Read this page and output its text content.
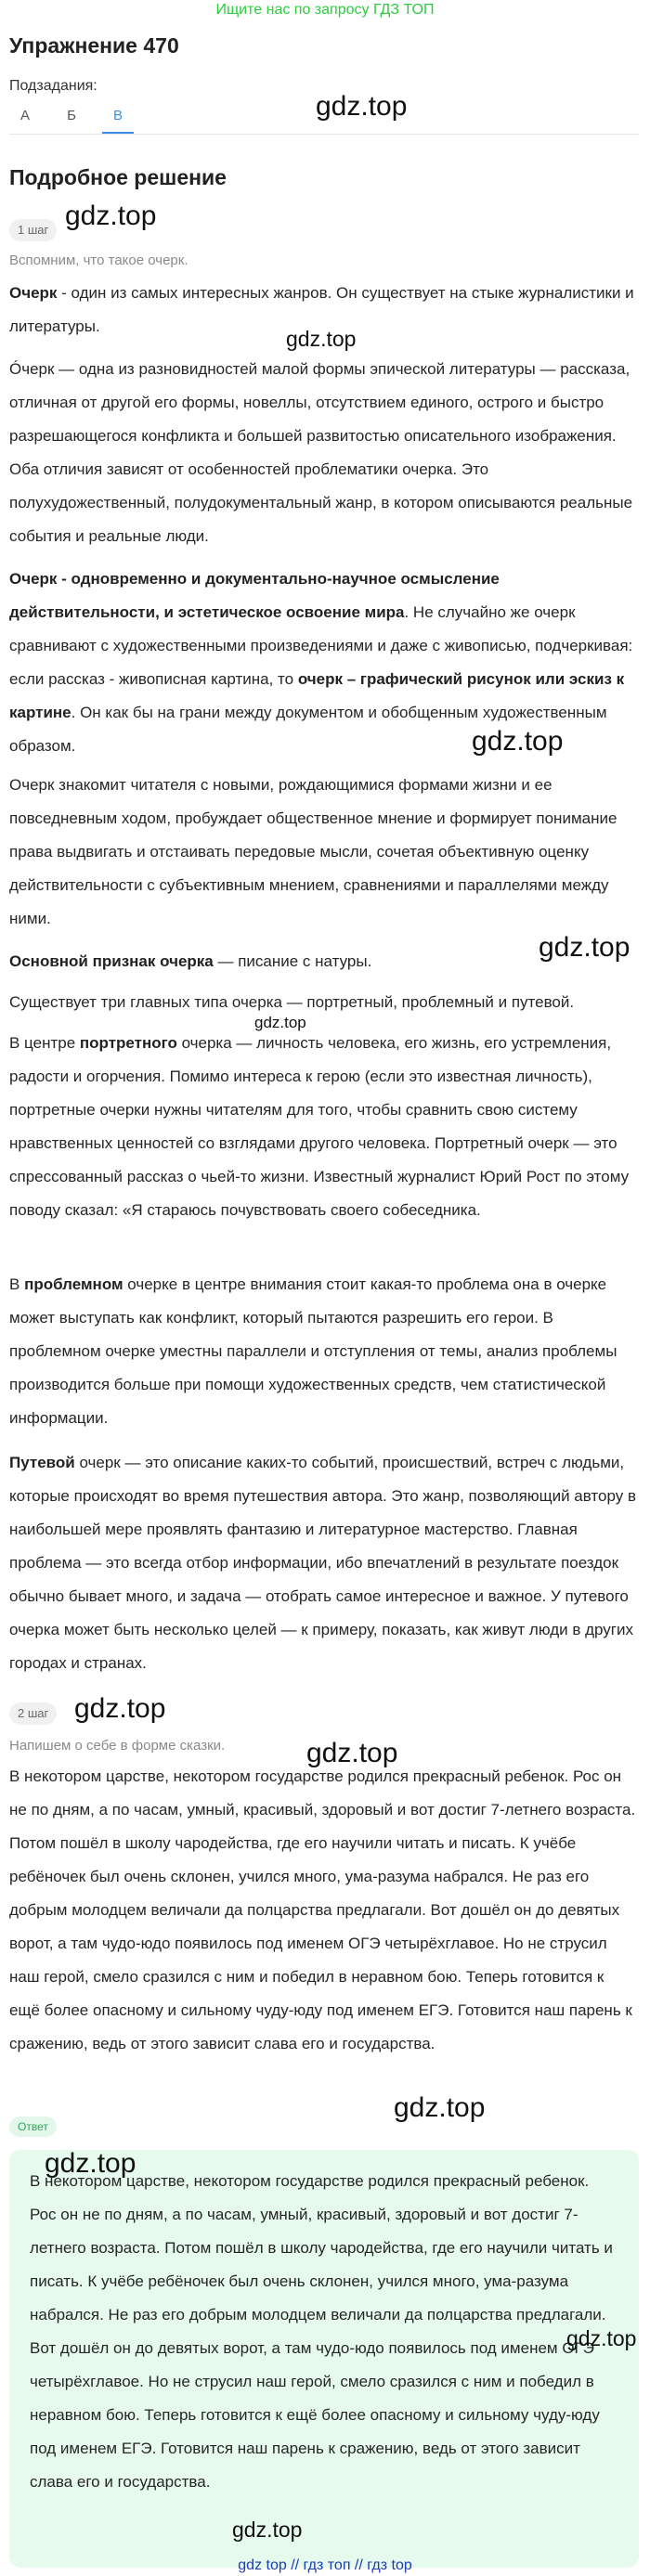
Ищите нас по запросу ГДЗ ТОП
Упражнение 470
Подзадания:
А	Б	В
Подробное решение
1 шаг
Вспомним, что такое очерк.

Очерк - один из самых интересных жанров. Он существует на стыке журналистики и литературы.

Óчерк — одна из разновидностей малой формы эпической литературы — рассказа, отличная от другой его формы, новеллы, отсутствием единого, острого и быстро разрешающегося конфликта и большей развитостью описательного изображения. Оба отличия зависят от особенностей проблематики очерка. Это полухудожественный, полудокументальный жанр, в котором описываются реальные события и реальные люди.

Очерк - одновременно и документально-научное осмысление действительности, и эстетическое освоение мира. Не случайно же очерк сравнивают с художественными произведениями и даже с живописью, подчеркивая: если рассказ - живописная картина, то очерк – графический рисунок или эскиз к картине. Он как бы на грани между документом и обобщенным художественным образом.

Очерк знакомит читателя с новыми, рождающимися формами жизни и ее повседневным ходом, пробуждает общественное мнение и формирует понимание права выдвигать и отстаивать передовые мысли, сочетая объективную оценку действительности с субъективным мнением, сравнениями и параллелями между ними.

Основной признак очерка — писание с натуры.

Существует три главных типа очерка — портретный, проблемный и путевой.

В центре портретного очерка — личность человека, его жизнь, его устремления, радости и огорчения. Помимо интереса к герою (если это известная личность), портретные очерки нужны читателям для того, чтобы сравнить свою систему нравственных ценностей со взглядами другого человека. Портретный очерк — это спрессованный рассказ о чьей-то жизни. Известный журналист Юрий Рост по этому поводу сказал: «Я стараюсь почувствовать своего собеседника.

В проблемном очерке в центре внимания стоит какая-то проблема она в очерке может выступать как конфликт, который пытаются разрешить его герои. В проблемном очерке уместны параллели и отступления от темы, анализ проблемы производится больше при помощи художественных средств, чем статистической информации.

Путевой очерк — это описание каких-то событий, происшествий, встреч с людьми, которые происходят во время путешествия автора. Это жанр, позволяющий автору в наибольшей мере проявлять фантазию и литературное мастерство. Главная проблема — это всегда отбор информации, ибо впечатлений в результате поездок обычно бывает много, и задача — отобрать самое интересное и важное. У путевого очерка может быть несколько целей — к примеру, показать, как живут люди в других городах и странах.

2 шаг
Напишем о себе в форме сказки.

В некотором царстве, некотором государстве родился прекрасный ребенок. Рос он не по дням, а по часам, умный, красивый, здоровый и вот достиг 7-летнего возраста. Потом пошёл в школу чародейства, где его научили читать и писать. К учёбе ребёночек был очень склонен, учился много, ума-разума набрался. Не раз его добрым молодцем величали да полцарства предлагали. Вот дошёл он до девятых ворот, а там чудо-юдо появилось под именем ОГЭ четырёхглавое. Но не струсил наш герой, смело сразился с ним и победил в неравном бою. Теперь готовится к ещё более опасному и сильному чуду-юду под именем ЕГЭ. Готовится наш парень к сражению, ведь от этого зависит слава его и государства.

Ответ

В некотором царстве, некотором государстве родился прекрасный ребенок. Рос он не по дням, а по часам, умный, красивый, здоровый и вот достиг 7-летнего возраста. Потом пошёл в школу чародейства, где его научили читать и писать. К учёбе ребёночек был очень склонен, учился много, ума-разума набрался. Не раз его добрым молодцем величали да полцарства предлагали. Вот дошёл он до девятых ворот, а там чудо-юдо появилось под именем ОГЭ четырёхглавое. Но не струсил наш герой, смело сразился с ним и победил в неравном бою. Теперь готовится к ещё более опасному и сильному чуду-юду под именем ЕГЭ. Готовится наш парень к сражению, ведь от этого зависит слава его и государства.

gdz.top
gdz.top
gdz.top
gdz.top
gdz.top
gdz.top
gdz.top
gdz.top
gdz.top
gdz.top
gdz.top
gdz.top
gdz top // гдз топ // гдз top
